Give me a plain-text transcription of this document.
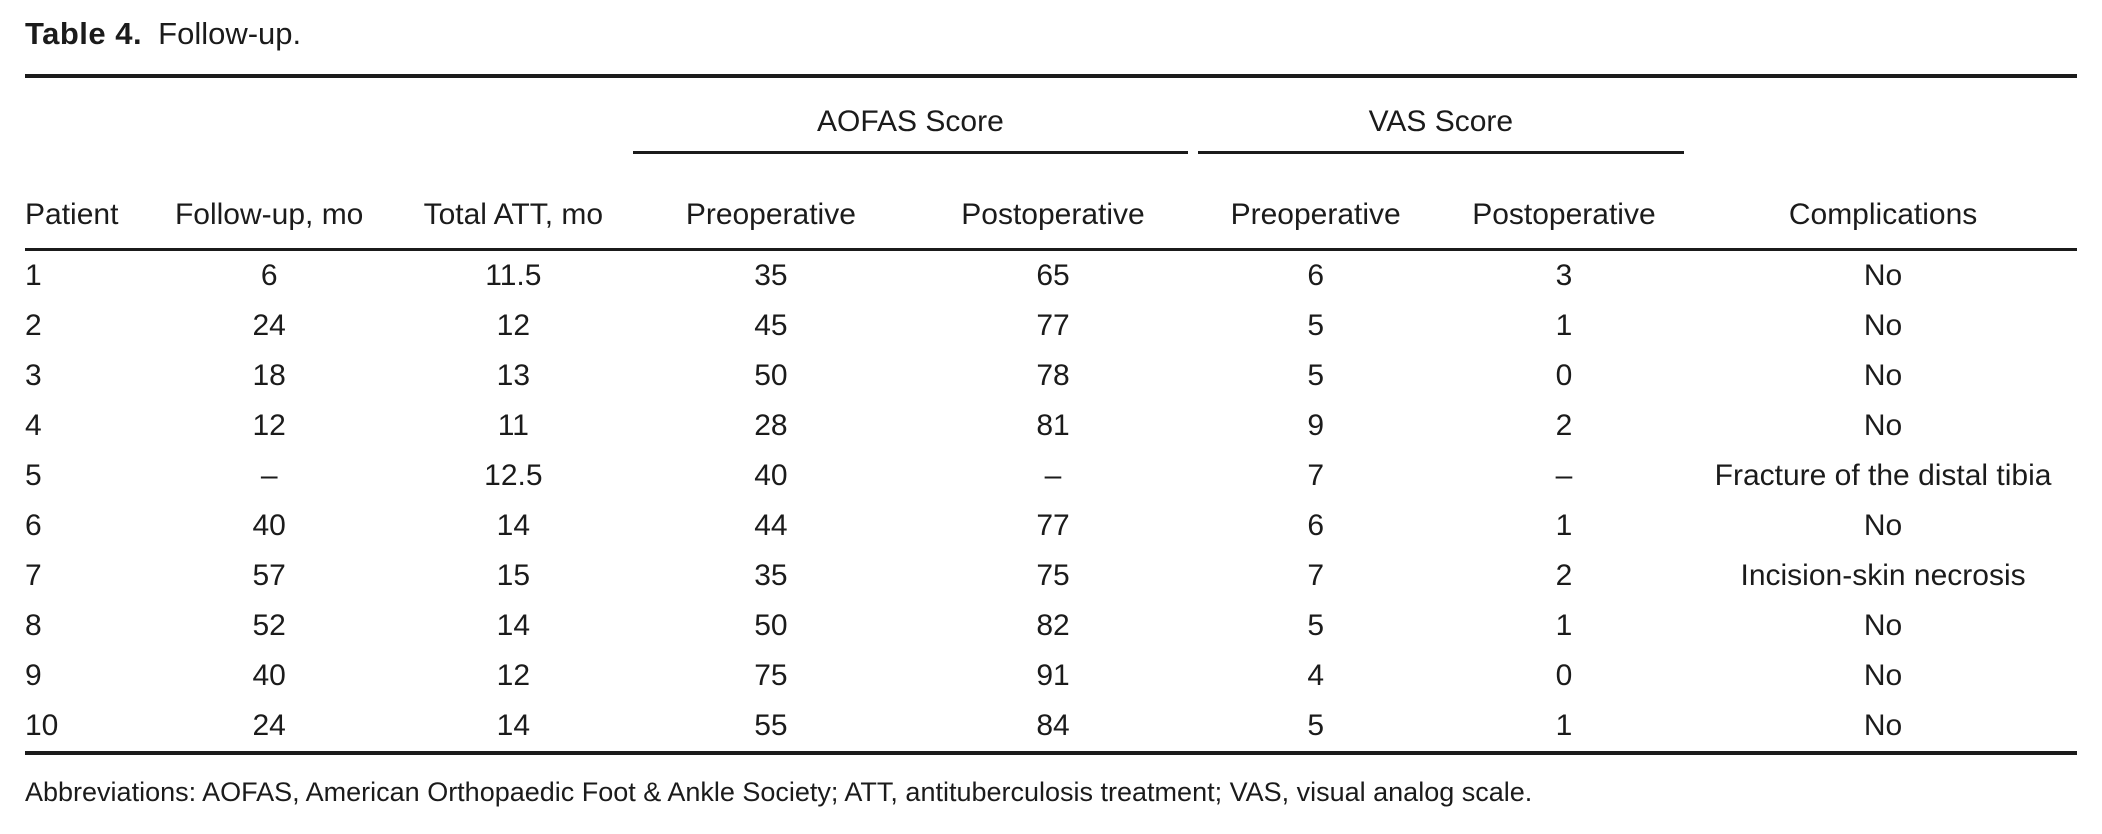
Table 4. Follow-up.

			AOFAS Score		VAS Score		

Patient	Follow-up, mo	Total ATT, mo	Preoperative	Postoperative	Preoperative	Postoperative	Complications
1	6	11.5	35	65	6	3	No
2	24	12	45	77	5	1	No
3	18	13	50	78	5	0	No
4	12	11	28	81	9	2	No
5	–	12.5	40	–	7	–	Fracture of the distal tibia
6	40	14	44	77	6	1	No
7	57	15	35	75	7	2	Incision-skin necrosis
8	52	14	50	82	5	1	No
9	40	12	75	91	4	0	No
10	24	14	55	84	5	1	No
Abbreviations: AOFAS, American Orthopaedic Foot & Ankle Society; ATT, antituberculosis treatment; VAS, visual analog scale.
